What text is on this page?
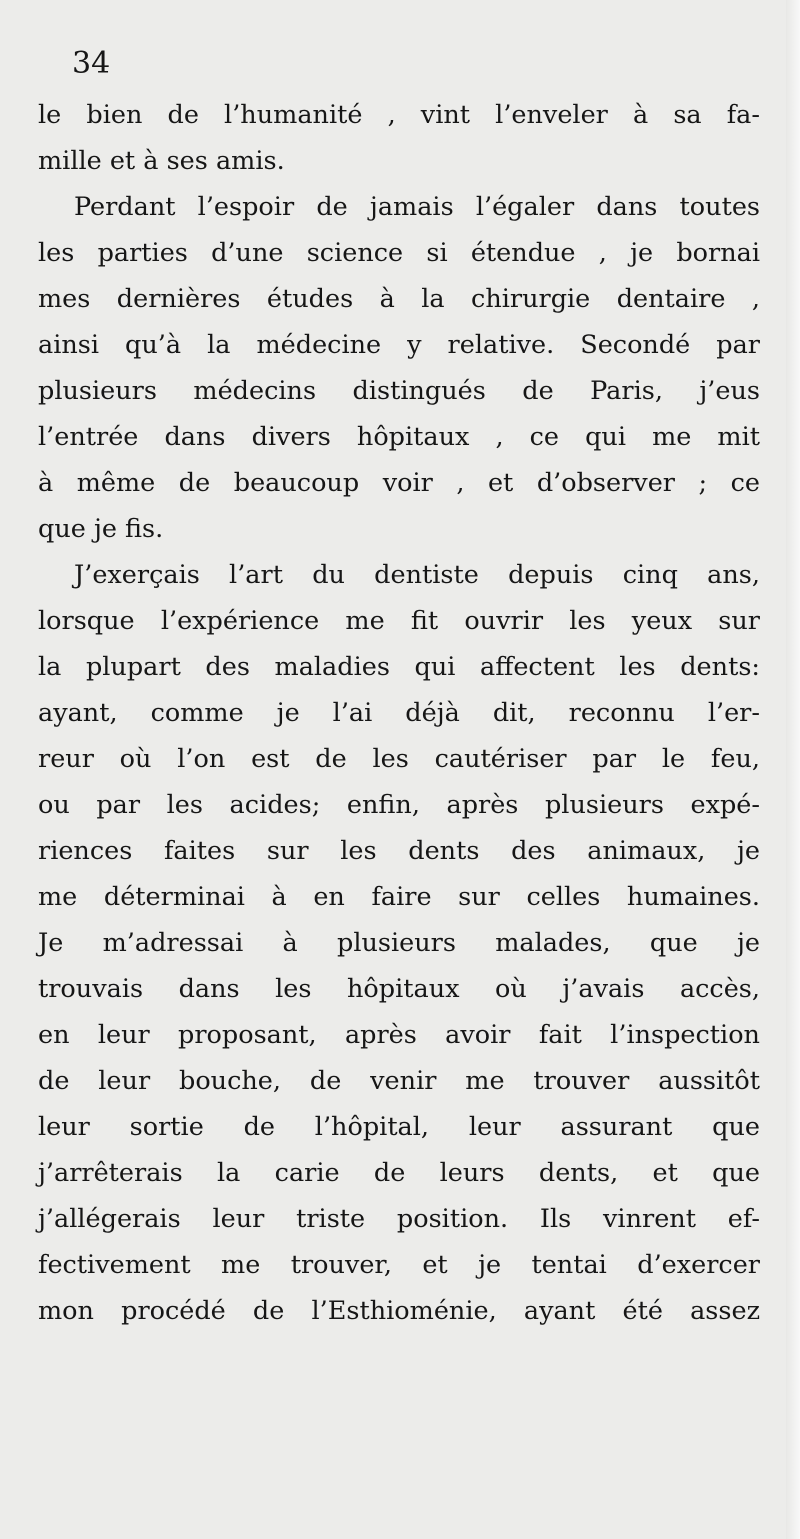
34

le bien de l’humanité , vint l’enveler à sa fa-
mille et à ses amis.
Perdant l’espoir de jamais l’égaler dans toutes
les parties d’une science si étendue , je bornai
mes dernières études à la chirurgie dentaire ,
ainsi qu’à la médecine y relative. Secondé par
plusieurs médecins distingués de Paris, j’eus
l’entrée dans divers hôpitaux , ce qui me mit
à même de beaucoup voir , et d’observer ; ce
que je fis.
J’exerçais l’art du dentiste depuis cinq ans,
lorsque l’expérience me fit ouvrir les yeux sur
la plupart des maladies qui affectent les dents:
ayant, comme je l’ai déjà dit, reconnu l’er-
reur où l’on est de les cautériser par le feu,
ou par les acides; enfin, après plusieurs expé-
riences faites sur les dents des animaux, je
me déterminai à en faire sur celles humaines.
Je m’adressai à plusieurs malades, que je
trouvais dans les hôpitaux où j’avais accès,
en leur proposant, après avoir fait l’inspection
de leur bouche, de venir me trouver aussitôt
leur sortie de l’hôpital, leur assurant que
j’arrêterais la carie de leurs dents, et que
j’allégerais leur triste position. Ils vinrent ef-
fectivement me trouver, et je tentai d’exercer
mon procédé de l’Esthioménie, ayant été assez
